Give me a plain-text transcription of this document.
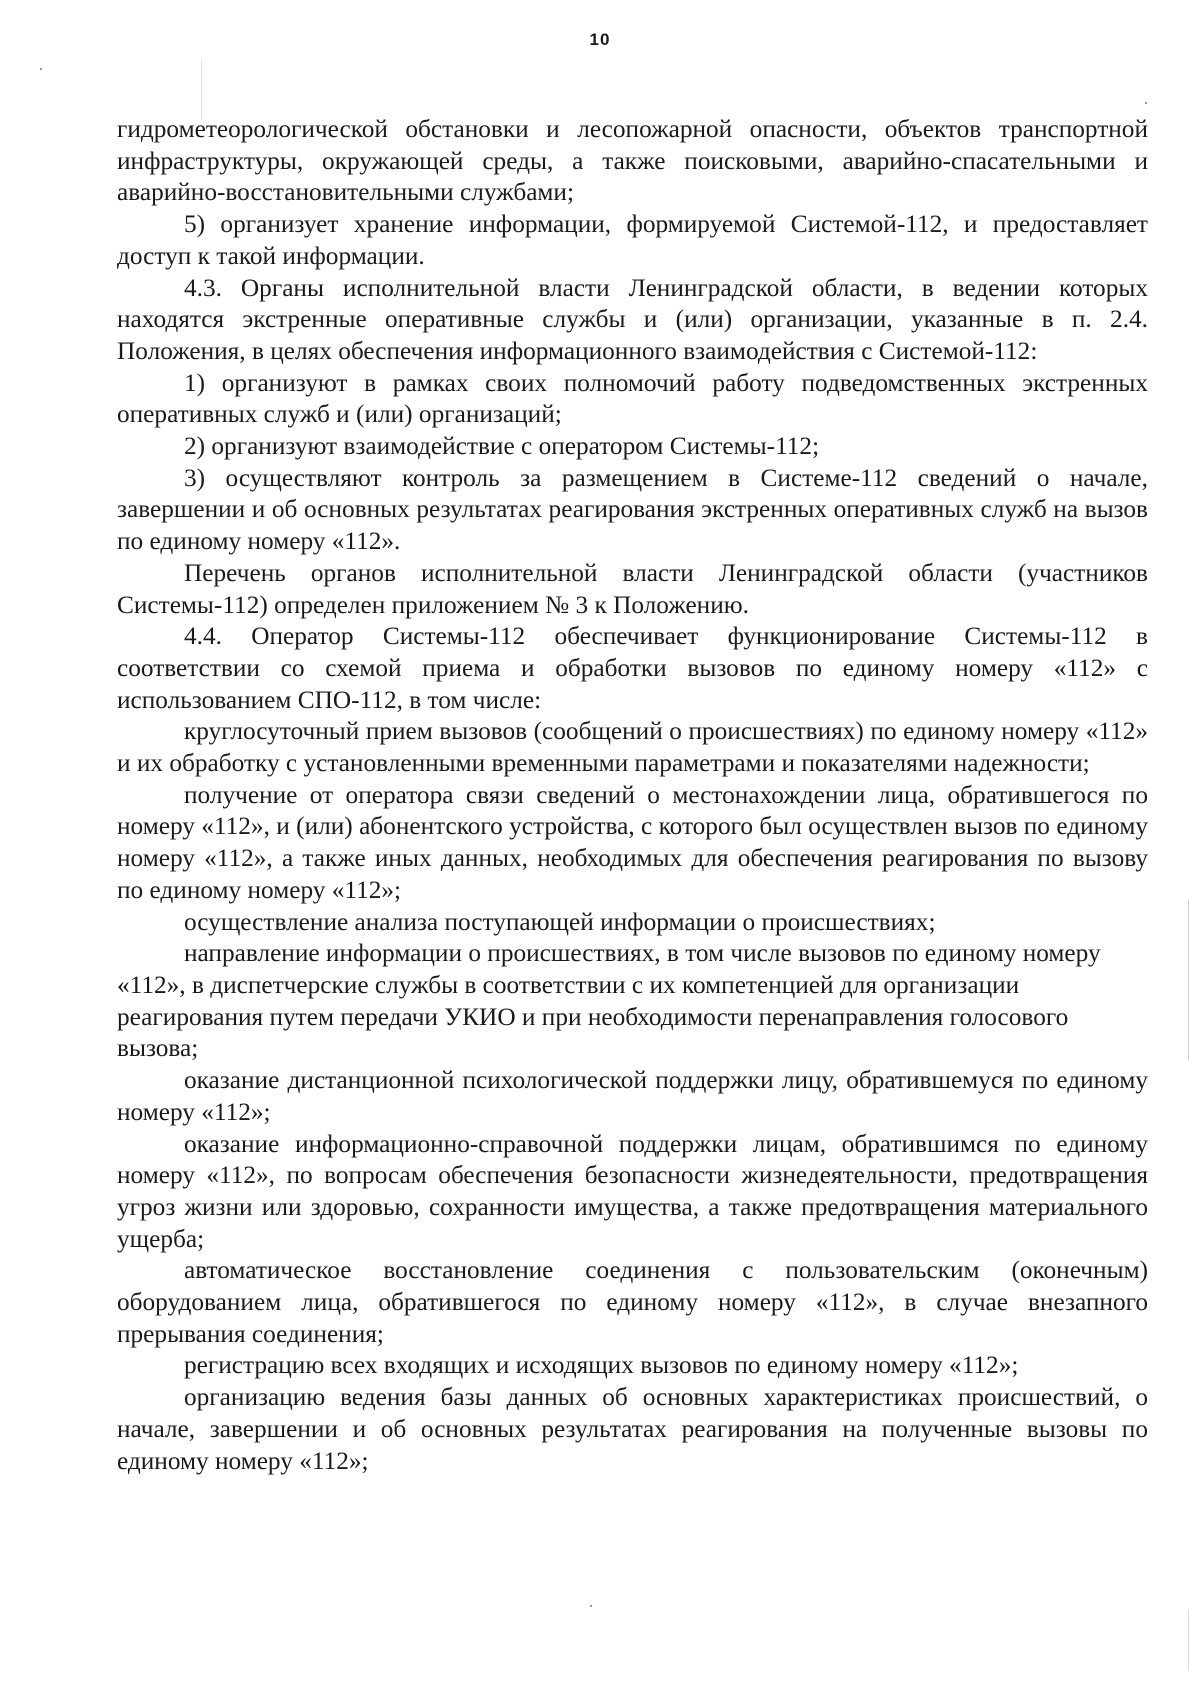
10

гидрометеорологической обстановки и лесопожарной опасности, объектов транспортной инфраструктуры, окружающей среды, а также поисковыми, аварийно-спасательными и аварийно-восстановительными службами;

5) организует хранение информации, формируемой Системой-112, и предоставляет доступ к такой информации.

4.3. Органы исполнительной власти Ленинградской области, в ведении которых находятся экстренные оперативные службы и (или) организации, указанные в п. 2.4. Положения, в целях обеспечения информационного взаимодействия с Системой-112:

1) организуют в рамках своих полномочий работу подведомственных экстренных оперативных служб и (или) организаций;

2) организуют взаимодействие с оператором Системы-112;

3) осуществляют контроль за размещением в Системе-112 сведений о начале, завершении и об основных результатах реагирования экстренных оперативных служб на вызов по единому номеру «112».

Перечень органов исполнительной власти Ленинградской области (участников Системы-112) определен приложением № 3 к Положению.

4.4. Оператор Системы-112 обеспечивает функционирование Системы-112 в соответствии со схемой приема и обработки вызовов по единому номеру «112» с использованием СПО-112, в том числе:

круглосуточный прием вызовов (сообщений о происшествиях) по единому номеру «112» и их обработку с установленными временными параметрами и показателями надежности;

получение от оператора связи сведений о местонахождении лица, обратившегося по номеру «112», и (или) абонентского устройства, с которого был осуществлен вызов по единому номеру «112», а также иных данных, необходимых для обеспечения реагирования по вызову по единому номеру «112»;

осуществление анализа поступающей информации о происшествиях;

направление информации о происшествиях, в том числе вызовов по единому номеру «112», в диспетчерские службы в соответствии с их компетенцией для организации реагирования путем передачи УКИО и при необходимости перенаправления голосового вызова;

оказание дистанционной психологической поддержки лицу, обратившемуся по единому номеру «112»;

оказание информационно-справочной поддержки лицам, обратившимся по единому номеру «112», по вопросам обеспечения безопасности жизнедеятельности, предотвращения угроз жизни или здоровью, сохранности имущества, а также предотвращения материального ущерба;

автоматическое восстановление соединения с пользовательским (оконечным) оборудованием лица, обратившегося по единому номеру «112», в случае внезапного прерывания соединения;

регистрацию всех входящих и исходящих вызовов по единому номеру «112»;

организацию ведения базы данных об основных характеристиках происшествий, о начале, завершении и об основных результатах реагирования на полученные вызовы по единому номеру «112»;
